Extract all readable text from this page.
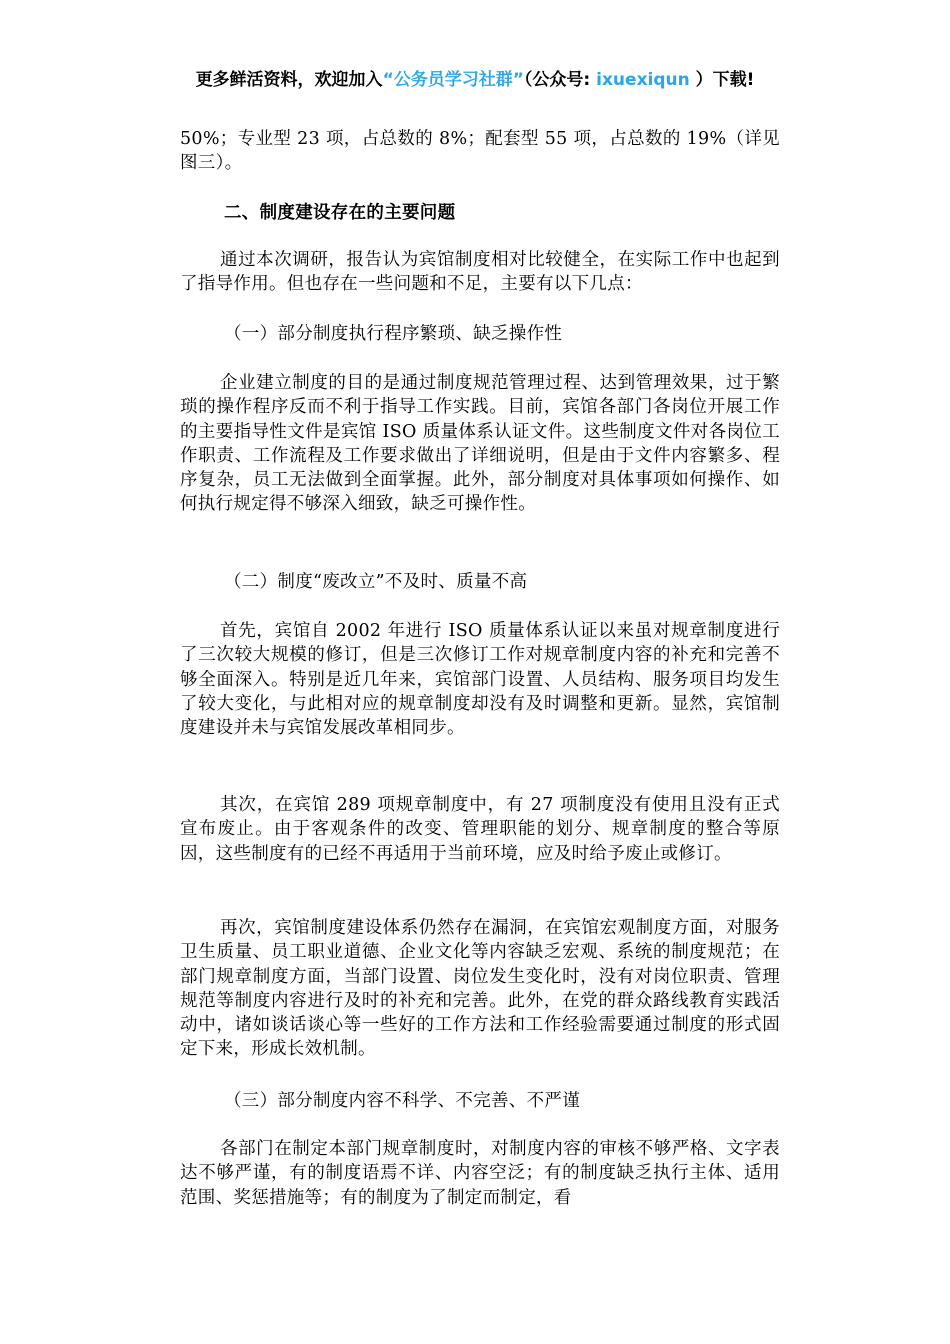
更多鲜活资料，欢迎加入“公务员学习社群”（公众号: ixuexiqun ）下载!

50%；专业型 23 项，占总数的 8%；配套型 55 项，占总数的 19%（详见图三）。

二、制度建设存在的主要问题

通过本次调研，报告认为宾馆制度相对比较健全，在实际工作中也起到了指导作用。但也存在一些问题和不足，主要有以下几点：

（一）部分制度执行程序繁琐、缺乏操作性

企业建立制度的目的是通过制度规范管理过程、达到管理效果，过于繁琐的操作程序反而不利于指导工作实践。目前，宾馆各部门各岗位开展工作的主要指导性文件是宾馆 ISO 质量体系认证文件。这些制度文件对各岗位工作职责、工作流程及工作要求做出了详细说明，但是由于文件内容繁多、程序复杂，员工无法做到全面掌握。此外，部分制度对具体事项如何操作、如何执行规定得不够深入细致，缺乏可操作性。

（二）制度“废改立”不及时、质量不高

首先，宾馆自 2002 年进行 ISO 质量体系认证以来虽对规章制度进行了三次较大规模的修订，但是三次修订工作对规章制度内容的补充和完善不够全面深入。特别是近几年来，宾馆部门设置、人员结构、服务项目均发生了较大变化，与此相对应的规章制度却没有及时调整和更新。显然，宾馆制度建设并未与宾馆发展改革相同步。

其次，在宾馆 289 项规章制度中，有 27 项制度没有使用且没有正式宣布废止。由于客观条件的改变、管理职能的划分、规章制度的整合等原因，这些制度有的已经不再适用于当前环境，应及时给予废止或修订。

再次，宾馆制度建设体系仍然存在漏洞，在宾馆宏观制度方面，对服务卫生质量、员工职业道德、企业文化等内容缺乏宏观、系统的制度规范；在部门规章制度方面，当部门设置、岗位发生变化时，没有对岗位职责、管理规范等制度内容进行及时的补充和完善。此外，在党的群众路线教育实践活动中，诸如谈话谈心等一些好的工作方法和工作经验需要通过制度的形式固定下来，形成长效机制。

（三）部分制度内容不科学、不完善、不严谨

各部门在制定本部门规章制度时，对制度内容的审核不够严格、文字表达不够严谨，有的制度语焉不详、内容空泛；有的制度缺乏执行主体、适用范围、奖惩措施等；有的制度为了制定而制定，看
